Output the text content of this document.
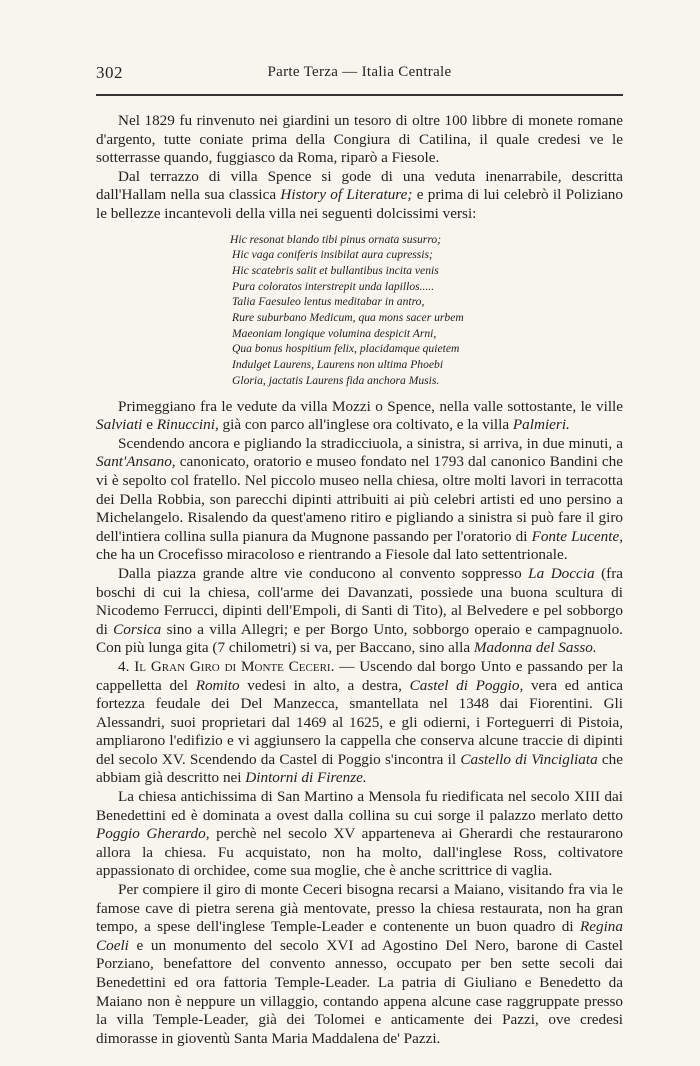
302	Parte Terza — Italia Centrale

Nel 1829 fu rinvenuto nei giardini un tesoro di oltre 100 libbre di monete romane d'argento, tutte coniate prima della Congiura di Catilina, il quale credesi ve le sotterrasse quando, fuggiasco da Roma, riparò a Fiesole.

Dal terrazzo di villa Spence si gode di una veduta inenarrabile, descritta dall'Hallam nella sua classica History of Literature; e prima di lui celebrò il Poliziano le bellezze incantevoli della villa nei seguenti dolcissimi versi:

Hic resonat blando tibi pinus ornata susurro;
Hic vaga coniferis insibilat aura cupressis;
Hic scatebris salit et bullantibus incita venis
Pura coloratos interstrepit unda lapillos.....
Talia Faesuleo lentus meditabar in antro,
Rure suburbano Medicum, qua mons sacer urbem
Maeoniam longique volumina despicit Arni,
Qua bonus hospitium felix, placidamque quietem
Indulget Laurens, Laurens non ultima Phoebi
Gloria, jactatis Laurens fida anchora Musis.

Primeggiano fra le vedute da villa Mozzi o Spence, nella valle sottostante, le ville Salviati e Rinuccini, già con parco all'inglese ora coltivato, e la villa Palmieri.

Scendendo ancora e pigliando la stradicciuola, a sinistra, si arriva, in due minuti, a Sant'Ansano, canonicato, oratorio e museo fondato nel 1793 dal canonico Bandini che vi è sepolto col fratello. Nel piccolo museo nella chiesa, oltre molti lavori in terracotta dei Della Robbia, son parecchi dipinti attribuiti ai più celebri artisti ed uno persino a Michelangelo. Risalendo da quest'ameno ritiro e pigliando a sinistra si può fare il giro dell'intiera collina sulla pianura da Mugnone passando per l'oratorio di Fonte Lucente, che ha un Crocefisso miracoloso e rientrando a Fiesole dal lato settentrionale.

Dalla piazza grande altre vie conducono al convento soppresso La Doccia (fra boschi di cui la chiesa, coll'arme dei Davanzati, possiede una buona scultura di Nicodemo Ferrucci, dipinti dell'Empoli, di Santi di Tito), al Belvedere e pel sobborgo di Corsica sino a villa Allegri; e per Borgo Unto, sobborgo operaio e campagnuolo. Con più lunga gita (7 chilometri) si va, per Baccano, sino alla Madonna del Sasso.

4. Il Gran Giro di Monte Ceceri. — Uscendo dal borgo Unto e passando per la cappelletta del Romito vedesi in alto, a destra, Castel di Poggio, vera ed antica fortezza feudale dei Del Manzecca, smantellata nel 1348 dai Fiorentini. Gli Alessandri, suoi proprietari dal 1469 al 1625, e gli odierni, i Forteguerri di Pistoia, ampliarono l'edifizio e vi aggiunsero la cappella che conserva alcune traccie di dipinti del secolo XV. Scendendo da Castel di Poggio s'incontra il Castello di Vincigliata che abbiam già descritto nei Dintorni di Firenze.

La chiesa antichissima di San Martino a Mensola fu riedificata nel secolo XIII dai Benedettini ed è dominata a ovest dalla collina su cui sorge il palazzo merlato detto Poggio Gherardo, perchè nel secolo XV apparteneva ai Gherardi che restaurarono allora la chiesa. Fu acquistato, non ha molto, dall'inglese Ross, coltivatore appassionato di orchidee, come sua moglie, che è anche scrittrice di vaglia.

Per compiere il giro di monte Ceceri bisogna recarsi a Maiano, visitando fra via le famose cave di pietra serena già mentovate, presso la chiesa restaurata, non ha gran tempo, a spese dell'inglese Temple-Leader e contenente un buon quadro di Regina Coeli e un monumento del secolo XVI ad Agostino Del Nero, barone di Castel Porziano, benefattore del convento annesso, occupato per ben sette secoli dai Benedettini ed ora fattoria Temple-Leader. La patria di Giuliano e Benedetto da Maiano non è neppure un villaggio, contando appena alcune case raggruppate presso la villa Temple-Leader, già dei Tolomei e anticamente dei Pazzi, ove credesi dimorasse in gioventù Santa Maria Maddalena de' Pazzi.
